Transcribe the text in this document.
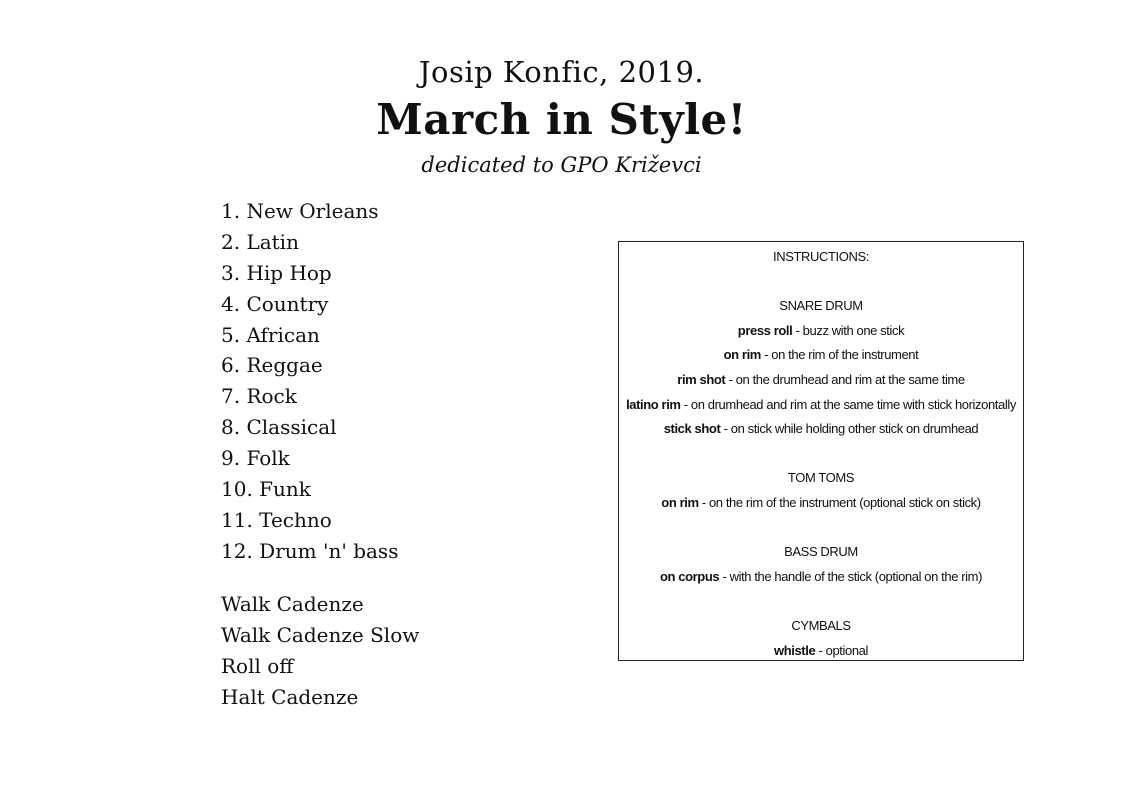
Josip Konfic, 2019.
March in Style!
dedicated to GPO Križevci
1. New Orleans
2. Latin
3. Hip Hop
4. Country
5. African
6. Reggae
7. Rock
8. Classical
9. Folk
10. Funk
11. Techno
12. Drum 'n' bass
Walk Cadenze
Walk Cadenze Slow
Roll off
Halt Cadenze
INSTRUCTIONS:
SNARE DRUM
press roll - buzz with one stick
on rim - on the rim of the instrument
rim shot - on the drumhead and rim at the same time
latino rim - on drumhead and rim at the same time with stick horizontally
stick shot - on stick while holding other stick on drumhead
TOM TOMS
on rim - on the rim of the instrument (optional stick on stick)
BASS DRUM
on corpus - with the handle of the stick (optional on the rim)
CYMBALS
whistle - optional
